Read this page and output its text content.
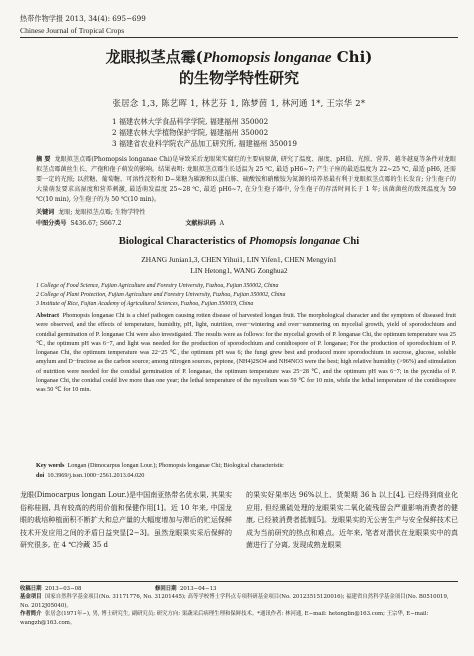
热带作物学报 2013, 34(4): 695−699
Chinese Journal of Tropical Crops
龙眼拟茎点霉(Phomopsis longanae Chi)
的生物学特性研究
张居念 1,3, 陈艺晖 1, 林艺芬 1, 陈梦茵 1, 林河通 1*, 王宗华 2*
1 福建农林大学食品科学学院, 福建福州 350002
2 福建农林大学植物保护学院, 福建福州 350002
3 福建省农业科学院农产品加工研究所, 福建福州 350019
摘 要 龙眼拟茎点霉(Phomopsis longanae Chi)是导致采后龙眼果实腐烂的主要病原菌, 研究了温度、湿度、pH值、光照、营养、越冬越夏等条件对龙眼拟茎点霉菌丝生长、产孢和孢子萌发的影响。结果表明: 龙眼拟茎点霉生长适温为 25 ℃, 最适 pH6~7; 产生子座的最适温度为 22~25 ℃, 最适 pH6, 还需要一定的光照; 以蔗糖、葡萄糖、可溶性淀粉和 D−果糖为碳源和以蛋白胨、硫酸铵和硝酸铵为氮源的培养基最有利于龙眼拟茎点霉的生长发育; 分生孢子的大量萌发要求高湿度和营养刺激, 最适萌发温度 25~28 ℃, 最适 pH6~7, 在分生孢子器中, 分生孢子的存活时间长于 1 年; 该菌菌丝的致死温度为 59 ℃(10 min), 分生孢子的为 50 ℃(10 min)。
关键词 龙眼; 龙眼拟茎点霉; 生物学特性
中图分类号 S436.67; S667.2	文献标识码 A
Biological Characteristics of Phomopsis longanae Chi
ZHANG Junian1,3, CHEN Yihui1, LIN Yifen1, CHEN Mengyin1
LIN Hetong1, WANG Zonghua2
1 College of Food Science, Fujian Agriculture and Forestry University, Fuzhou, Fujian 350002, China
2 College of Plant Protection, Fujian Agriculture and Forestry University, Fuzhou, Fujian 350002, China
3 Institute of Rice, Fujian Academy of Agricultural Sciences, Fuzhou, Fujian 350019, China
Abstract Phomopsis longanae Chi is a chief pathogen causing rotten disease of harvested longan fruit. The morphological character and the symptom of diseased fruit were observed, and the effects of temperature, humidity, pH, light, nutrition, over−wintering and over−summering on mycelial growth, yield of sporodochium and conidial germination of P. longanae Chi were also investigated. The results were as follows: for the mycelial growth of P. longanae Chi, the optimum temperature was 25 ℃, the optimum pH was 6−7, and light was needed for the production of sporodochium and conidiospore of P. longanae; For the production of sporodochium of P. longanae Chi, the optimum temperature was 22−25 ℃, the optimum pH was 6; the fungi grew best and produced more sporodochium in sucrose, glucose, soluble amylum and D−fructose as the carbon source; among nitrogen sources, peptone, (NH4)2SO4 and NH4NO3 were the best; high relative humidity (>96%) and stimulation of nutrition were needed for the conidial germination of P. longanae, the optimum temperature was 25−28 ℃, and the optimum pH was 6−7; in the pycnidia of P. longanae Chi, the conidial could live more than one year; the lethal temperature of the mycelium was 59 ℃ for 10 min, while the lethal temperature of the conidiospore was 50 ℃ for 10 min.
Key words Longan (Dimocarpus longan Lour.); Phomopsis longanae Chi; Biological characteristic
doi 10.3969/j.issn.1000−2561.2013.04.020
龙眼(Dimocarpus longan Lour.)是中国南亚热带名优水果, 其果实俗称桂圆, 具有较高的药用价值和保健作用[1]。近 10 年来, 中国龙眼的栽培种植面积不断扩大和总产量的大幅度增加与滞后的贮运保鲜技术开发应用之间的矛盾日益突显[2−3]。虽然龙眼果实采后保鲜的研究很多, 在 4 ℃冷藏 35 d
的果实好果率达 96%以上、货架期 36 h 以上[4], 已经得到商业化应用, 但经熏硫处理的龙眼果实二氧化硫残留会严重影响消费者的健康, 已经被消费者抵制[5]。龙眼果实的无公害生产与安全保鲜技术已成为当前研究的热点和难点。近年来, 笔者对潜伏在龙眼果实中的真菌进行了分离, 发现成熟龙眼果
收稿日期 2013−03−08	修回日期 2013−04−13
基金项目 国家自然科学基金项目(No. 31171776, No. 31201445); 高等学校博士学科点专项科研基金项目(No. 20123515120016); 福建省自然科学基金项目(No. B0510019, No. 2012J05040)。
作者简介 张居念(1971年−), 男, 博士研究生, 副研究员; 研究方向: 果蔬采后病理生理和保鲜技术。*通讯作者: 林河通, E−mail: hetonglin@163.com; 王宗华, E−mail: wangzh@163.com。
